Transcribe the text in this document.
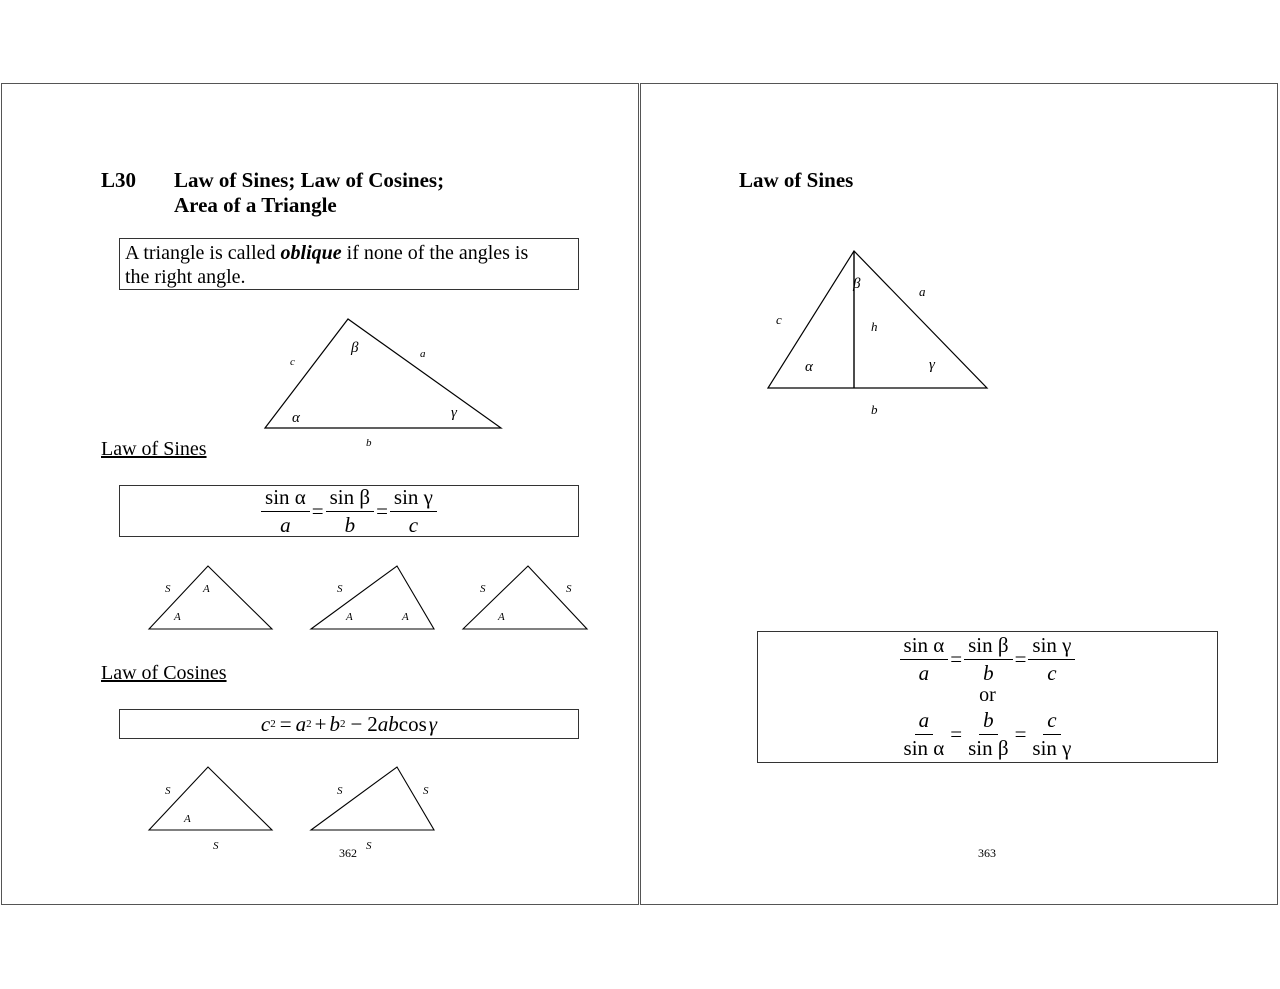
L30 Law of Sines; Law of Cosines;
Area of a Triangle
A triangle is called oblique if none of the angles is
the right angle.
α
β
γ
a
b
c
Law of Sines
$\frac{\text{sin α}}{a} = \frac{\text{sin β}}{b} = \frac{\text{sin γ}}{c}$
S	A
A
S
A	A
S	S
A
Law of Cosines
c 2 = a 2 + b 2 − 2 ab cos γ
S
A
S
S	S
S
362
Law of Sines
β
α	γ
a
b
c	h
$\frac{\text{sin α}}{a} = \frac{\text{sin β}}{b} = \frac{\text{sin γ}}{c}$
or
$\frac{a}{\text{sin α}} = \frac{b}{\text{sin β}} = \frac{c}{\text{sin γ}}$
363
